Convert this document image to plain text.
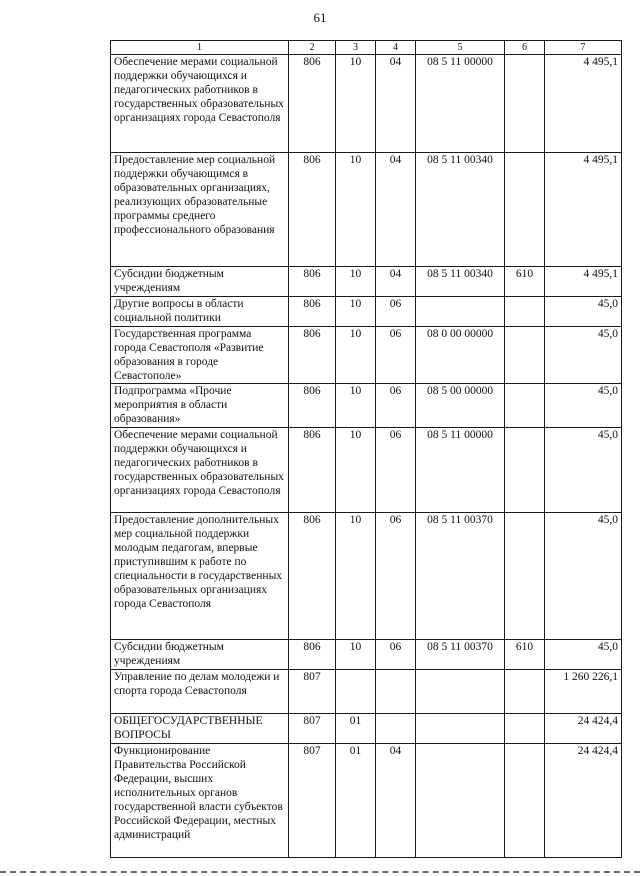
61
1	2	3	4	5	6	7
Обеспечение мерами социальной поддержки обучающихся и педагогических работников в государственных образовательных организациях города Севастополя	806	10	04	08 5 11 00000		4 495,1
Предоставление мер социальной поддержки обучающимся в образовательных организациях, реализующих образовательные программы среднего профессионального образования	806	10	04	08 5 11 00340		4 495,1
Субсидии бюджетным учреждениям	806	10	04	08 5 11 00340	610	4 495,1
Другие вопросы в области социальной политики	806	10	06			45,0
Государственная программа города Севастополя «Развитие образования в городе Севастополе»	806	10	06	08 0 00 00000		45,0
Подпрограмма «Прочие мероприятия в области образования»	806	10	06	08 5 00 00000		45,0
Обеспечение мерами социальной поддержки обучающихся и педагогических работников в государственных образовательных организациях города Севастополя	806	10	06	08 5 11 00000		45,0
Предоставление дополнительных мер социальной поддержки молодым педагогам, впервые приступившим к работе по специальности в государственных образовательных организациях города Севастополя	806	10	06	08 5 11 00370		45,0
Субсидии бюджетным учреждениям	806	10	06	08 5 11 00370	610	45,0
Управление по делам молодежи и спорта города Севастополя	807					1 260 226,1
ОБЩЕГОСУДАРСТВЕННЫЕ ВОПРОСЫ	807	01				24 424,4
Функционирование Правительства Российской Федерации, высших исполнительных органов государственной власти субъектов Российской Федерации, местных администраций	807	01	04			24 424,4
